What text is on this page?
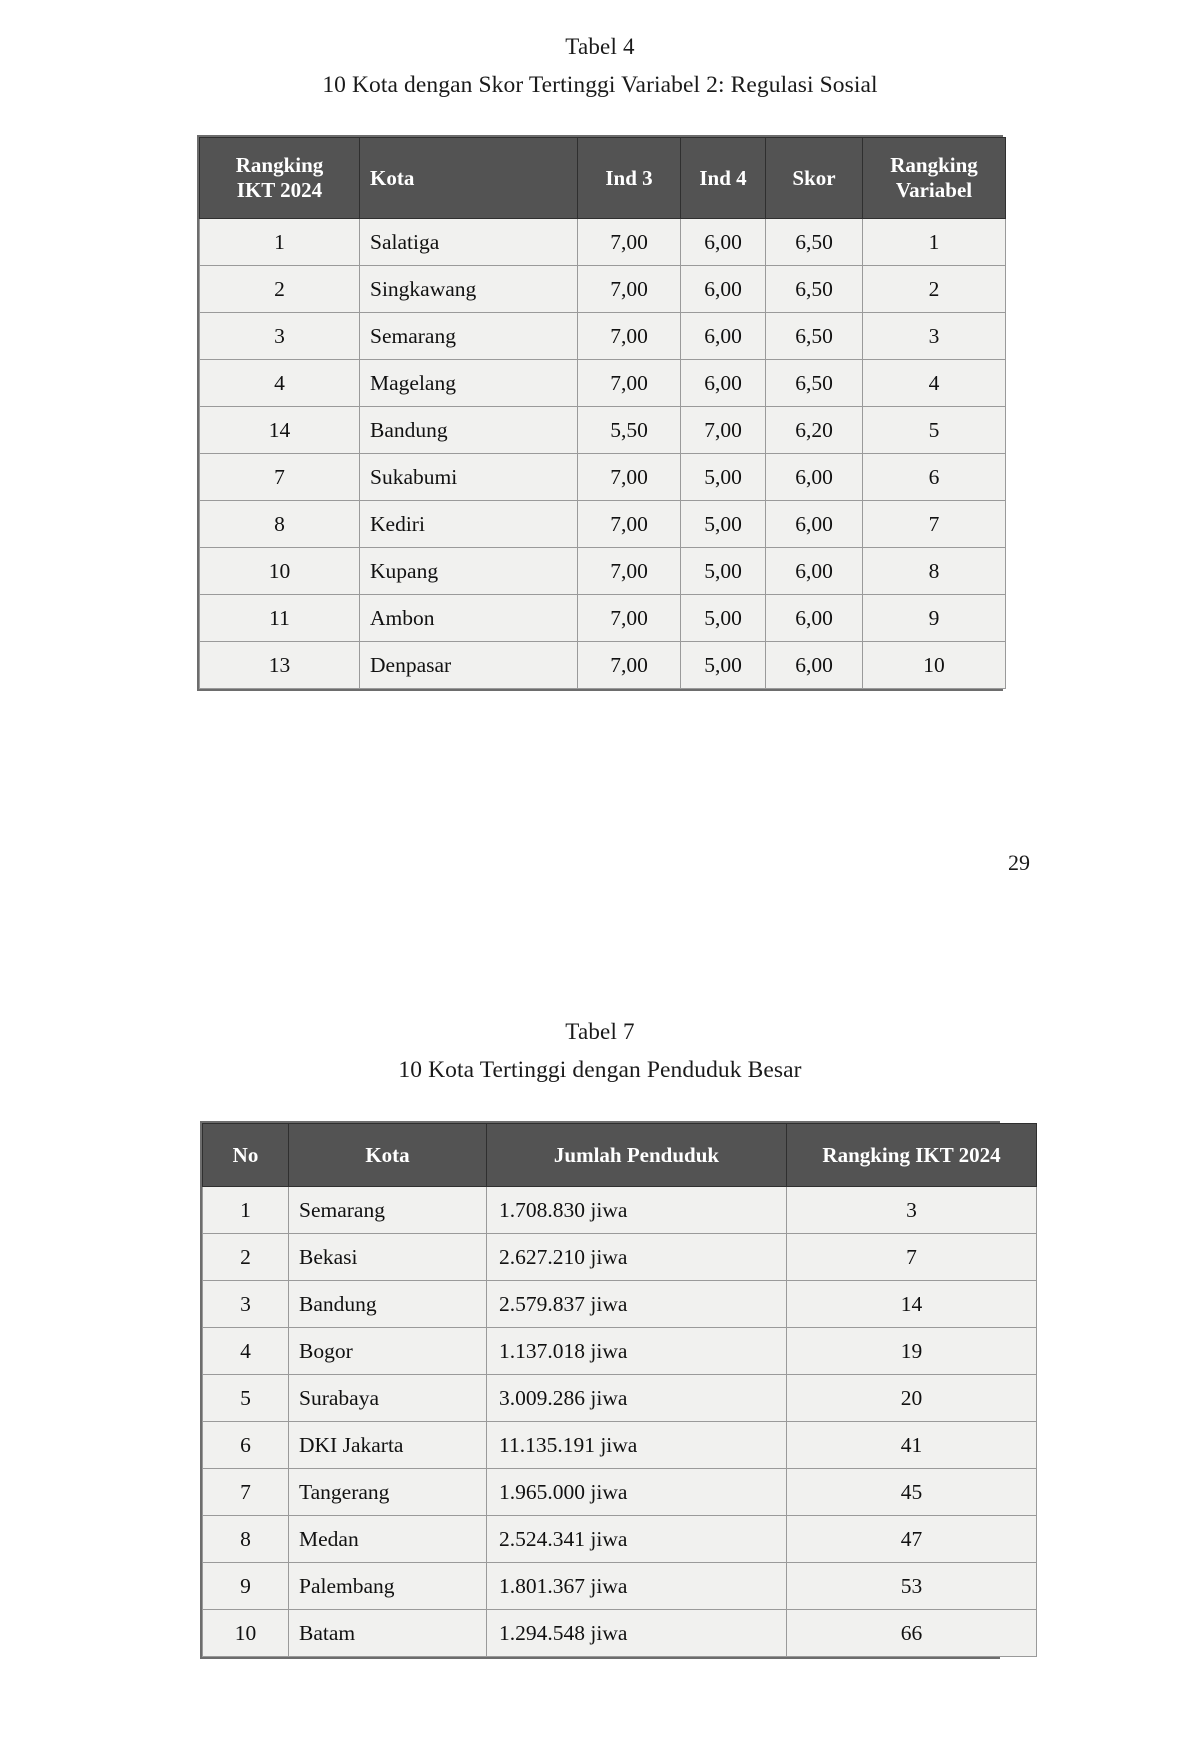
Tabel 4
10 Kota dengan Skor Tertinggi Variabel 2: Regulasi Sosial
Rangking
IKT 2024	Kota	Ind 3	Ind 4	Skor	Rangking
Variabel
1	Salatiga	7,00	6,00	6,50	1
2	Singkawang	7,00	6,00	6,50	2
3	Semarang	7,00	6,00	6,50	3
4	Magelang	7,00	6,00	6,50	4
14	Bandung	5,50	7,00	6,20	5
7	Sukabumi	7,00	5,00	6,00	6
8	Kediri	7,00	5,00	6,00	7
10	Kupang	7,00	5,00	6,00	8
11	Ambon	7,00	5,00	6,00	9
13	Denpasar	7,00	5,00	6,00	10
29
Tabel 7
10 Kota Tertinggi dengan Penduduk Besar
No	Kota	Jumlah Penduduk	Rangking IKT 2024
1	Semarang	1.708.830 jiwa	3
2	Bekasi	2.627.210 jiwa	7
3	Bandung	2.579.837 jiwa	14
4	Bogor	1.137.018 jiwa	19
5	Surabaya	3.009.286 jiwa	20
6	DKI Jakarta	11.135.191 jiwa	41
7	Tangerang	1.965.000 jiwa	45
8	Medan	2.524.341 jiwa	47
9	Palembang	1.801.367 jiwa	53
10	Batam	1.294.548 jiwa	66
